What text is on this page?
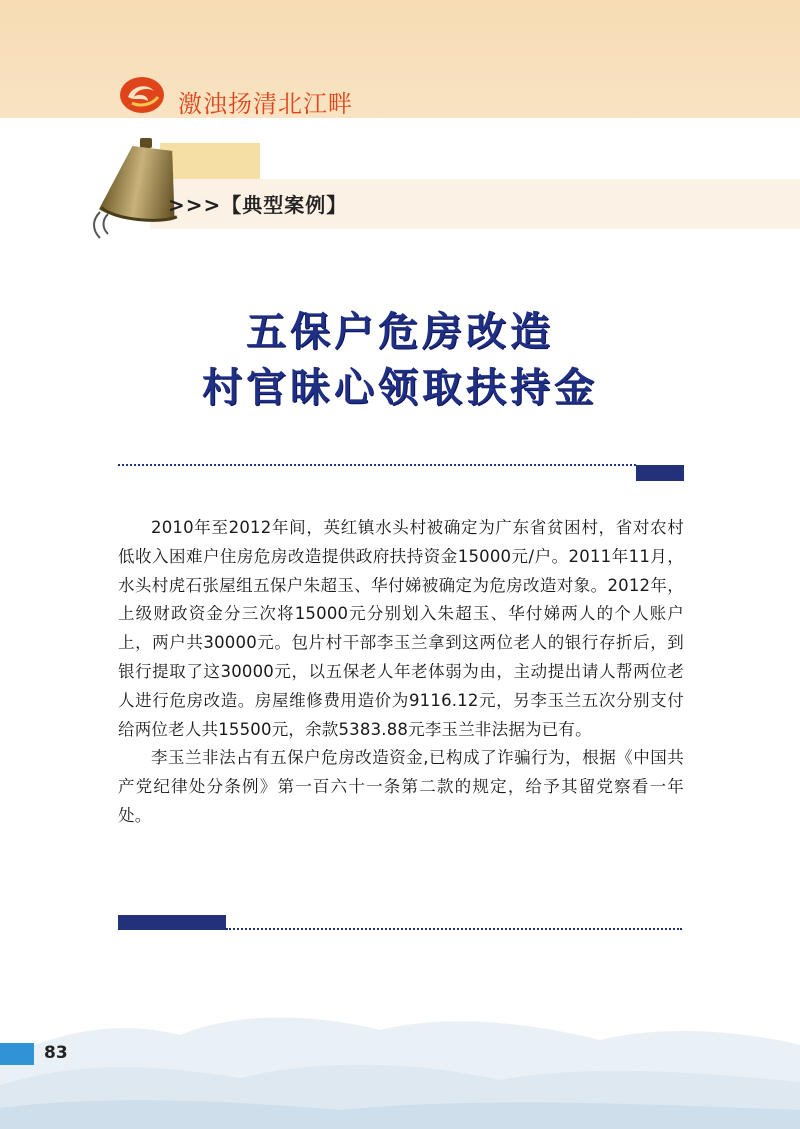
激浊扬清北江畔
>>>【典型案例】
五保户危房改造
村官昧心领取扶持金

2010年至2012年间，英红镇水头村被确定为广东省贫困村，省对农村低收入困难户住房危房改造提供政府扶持资金15000元/户。2011年11月，水头村虎石张屋组五保户朱超玉、华付娣被确定为危房改造对象。2012年，上级财政资金分三次将15000元分别划入朱超玉、华付娣两人的个人账户上，两户共30000元。包片村干部李玉兰拿到这两位老人的银行存折后，到银行提取了这30000元，以五保老人年老体弱为由，主动提出请人帮两位老人进行危房改造。房屋维修费用造价为9116.12元，另李玉兰五次分别支付给两位老人共15500元，余款5383.88元李玉兰非法据为已有。

李玉兰非法占有五保户危房改造资金,已构成了诈骗行为，根据《中国共产党纪律处分条例》第一百六十一条第二款的规定，给予其留党察看一年处。

83
